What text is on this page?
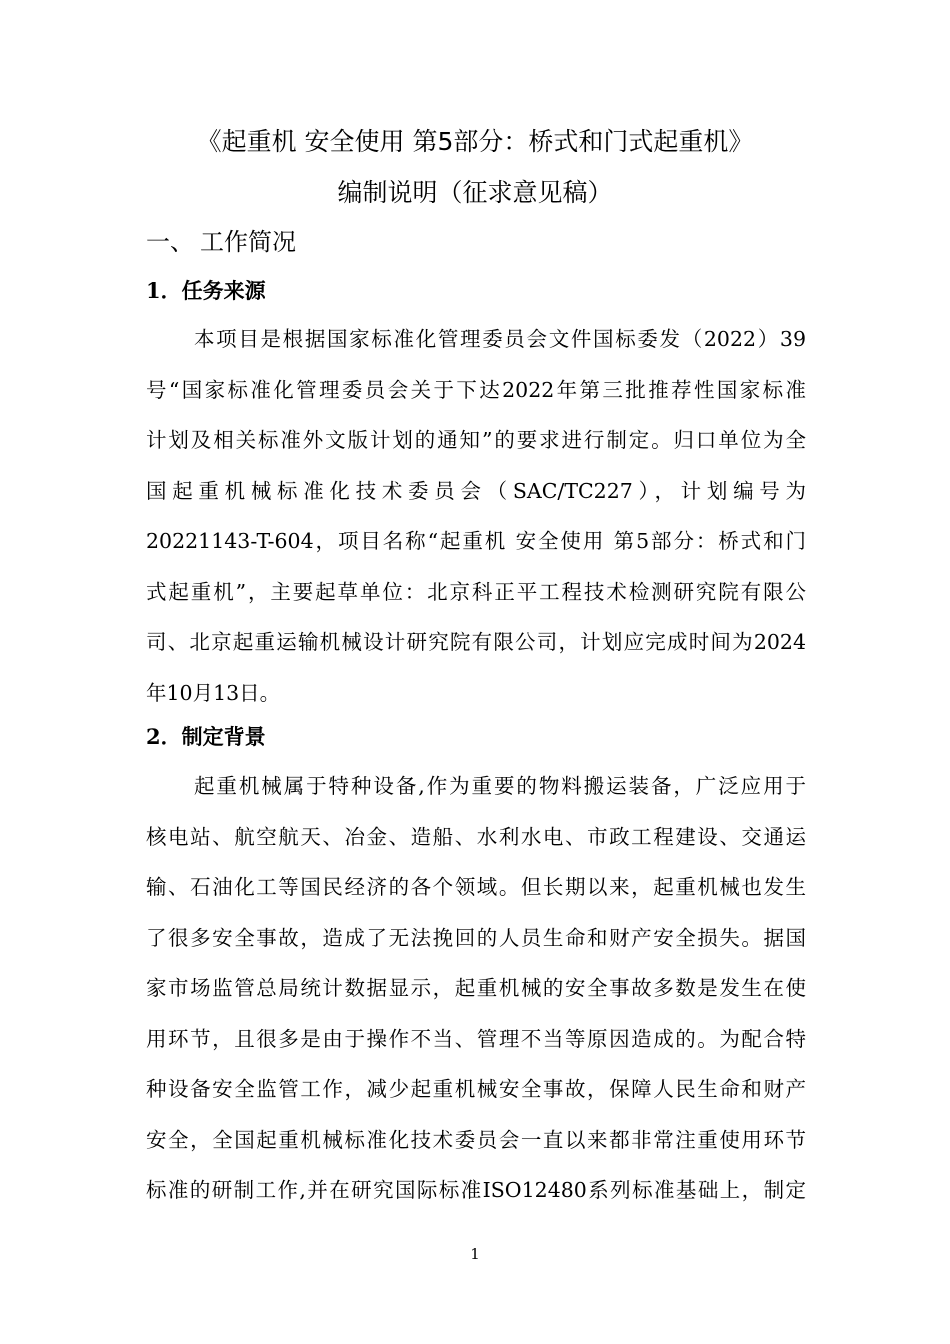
《起重机 安全使用 第5部分：桥式和门式起重机》
编制说明（征求意见稿）
一、 工作简况
1．任务来源
本项目是根据国家标准化管理委员会文件国标委发（2022）39
号“国家标准化管理委员会关于下达2022年第三批推荐性国家标准
计划及相关标准外文版计划的通知”的要求进行制定。归口单位为全
国起重机械标准化技术委员会（SAC/TC227），计划编号为
20221143-T-604，项目名称“起重机 安全使用 第5部分：桥式和门
式起重机”，主要起草单位：北京科正平工程技术检测研究院有限公
司、北京起重运输机械设计研究院有限公司，计划应完成时间为2024
年10月13日。
2．制定背景
起重机械属于特种设备,作为重要的物料搬运装备，广泛应用于
核电站、航空航天、冶金、造船、水利水电、市政工程建设、交通运
输、石油化工等国民经济的各个领域。但长期以来，起重机械也发生
了很多安全事故，造成了无法挽回的人员生命和财产安全损失。据国
家市场监管总局统计数据显示，起重机械的安全事故多数是发生在使
用环节，且很多是由于操作不当、管理不当等原因造成的。为配合特
种设备安全监管工作，减少起重机械安全事故，保障人民生命和财产
安全，全国起重机械标准化技术委员会一直以来都非常注重使用环节
标准的研制工作,并在研究国际标准ISO12480系列标准基础上，制定
1
